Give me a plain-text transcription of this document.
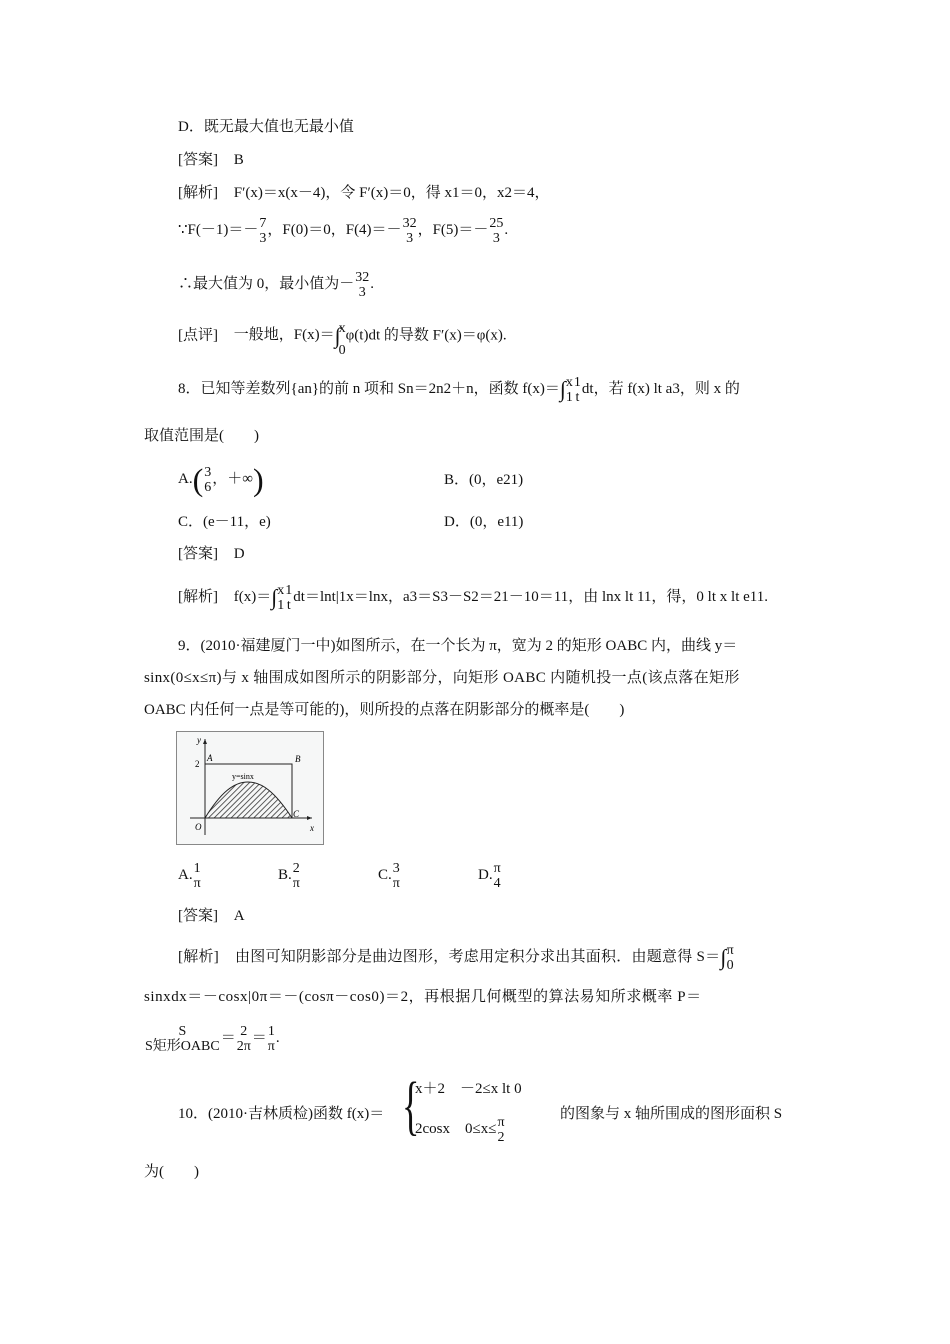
D．既无最大值也无最小值
[答案] B
[解析] F′(x)＝x(x－4)，令 F′(x)＝0，得 x1＝0，x2＝4，
∵F(－1)＝－ 7
3
，F(0)＝0，F(4)＝－ 32
3
，F(5)＝－ 25
3
.
∴最大值为 0，最小值为－ 32
3
.
[点评] 一般地，F(x)＝∫
x
0
φ(t)dt 的导数 F′(x)＝φ(x).
8．已知等差数列{an}的前 n 项和 Sn＝2n2＋n，函数 f(x)＝∫ x
1
1
t
dt，若 f(x) lt a3，则 x 的
取值范围是(　　)
A.( 3
6
，＋∞)	B．(0，e21)
C．(e－11，e)	D．(0，e11)
[答案] D
[解析] f(x)＝∫ x
1
1
t
dt＝lnt|1x＝lnx，a3＝S3－S2＝21－10＝11，由 lnx lt 11，得，0 lt x lt e11.
9．(2010·福建厦门一中)如图所示，在一个长为 π，宽为 2 的矩形 OABC 内，曲线 y＝
sinx(0≤x≤π)与 x 轴围成如图所示的阴影部分，向矩形 OABC 内随机投一点(该点落在矩形
OABC 内任何一点是等可能的)，则所投的点落在阴影部分的概率是(　　)
y
x
A	B
C
O
2
y=sinx
A. 1
π
B. 2
π
C. 3
π
D. π
4
[答案] A
[解析] 由图可知阴影部分是曲边图形，考虑用定积分求出其面积．由题意得 S＝∫ π
0
sinxdx＝－cosx|0π＝－(cosπ－cos0)＝2，再根据几何概型的算法易知所求概率 P＝
S
S矩形OABC
＝ 2
2π
＝ 1
π
.
10．(2010·吉林质检)函数 f(x)＝ {
x＋2　－2≤x lt 0
2cosx　0≤x≤ π
2
的图象与 x 轴所围成的图形面积 S
为(　　)
